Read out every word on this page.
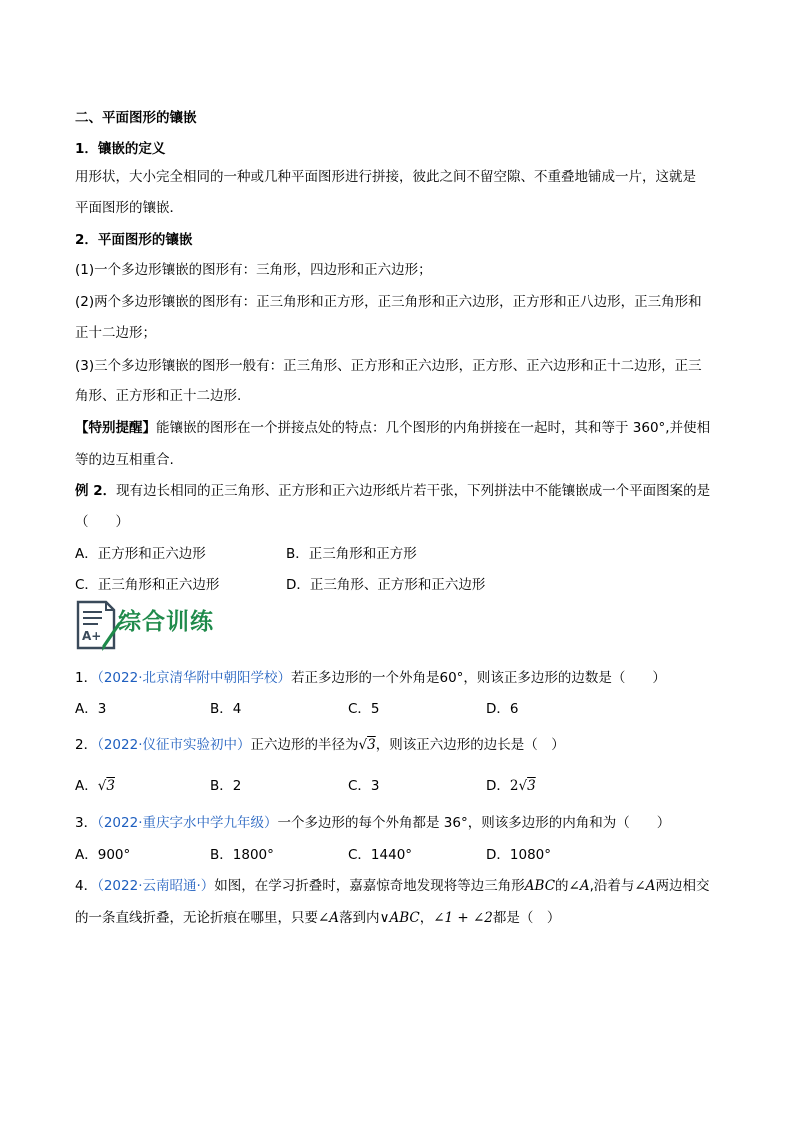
二、平面图形的镶嵌
1．镶嵌的定义
用形状，大小完全相同的一种或几种平面图形进行拼接，彼此之间不留空隙、不重叠地铺成一片，这就是
平面图形的镶嵌．
2．平面图形的镶嵌
(1)一个多边形镶嵌的图形有：三角形，四边形和正六边形；
(2)两个多边形镶嵌的图形有：正三角形和正方形，正三角形和正六边形，正方形和正八边形，正三角形和
正十二边形；
(3)三个多边形镶嵌的图形一般有：正三角形、正方形和正六边形，正方形、正六边形和正十二边形，正三
角形、正方形和正十二边形.
【特别提醒】能镶嵌的图形在一个拼接点处的特点：几个图形的内角拼接在一起时，其和等于 360°,并使相
等的边互相重合.
例 2．现有边长相同的正三角形、正方形和正六边形纸片若干张，下列拼法中不能镶嵌成一个平面图案的是
（　　）
A．正方形和正六边形	B．正三角形和正方形
C．正三角形和正六边形	D．正三角形、正方形和正六边形
A+
综合训练
1．（2022·北京清华附中朝阳学校）若正多边形的一个外角是60°，则该正多边形的边数是（　　）
A．3	B．4	C．5	D．6
2．（2022·仪征市实验初中）正六边形的半径为√3，则该正六边形的边长是（　）
A．√3	B．2	C．3	D．2√3
3．（2022·重庆字水中学九年级）一个多边形的每个外角都是 36°，则该多边形的内角和为（　　）
A．900°	B．1800°	C．1440°	D．1080°
4．（2022·云南昭通·）如图，在学习折叠时，嘉嘉惊奇地发现将等边三角形ABC的∠A,沿着与∠A两边相交
的一条直线折叠，无论折痕在哪里，只要∠A落到内∨ABC，∠1 + ∠2都是（　）
